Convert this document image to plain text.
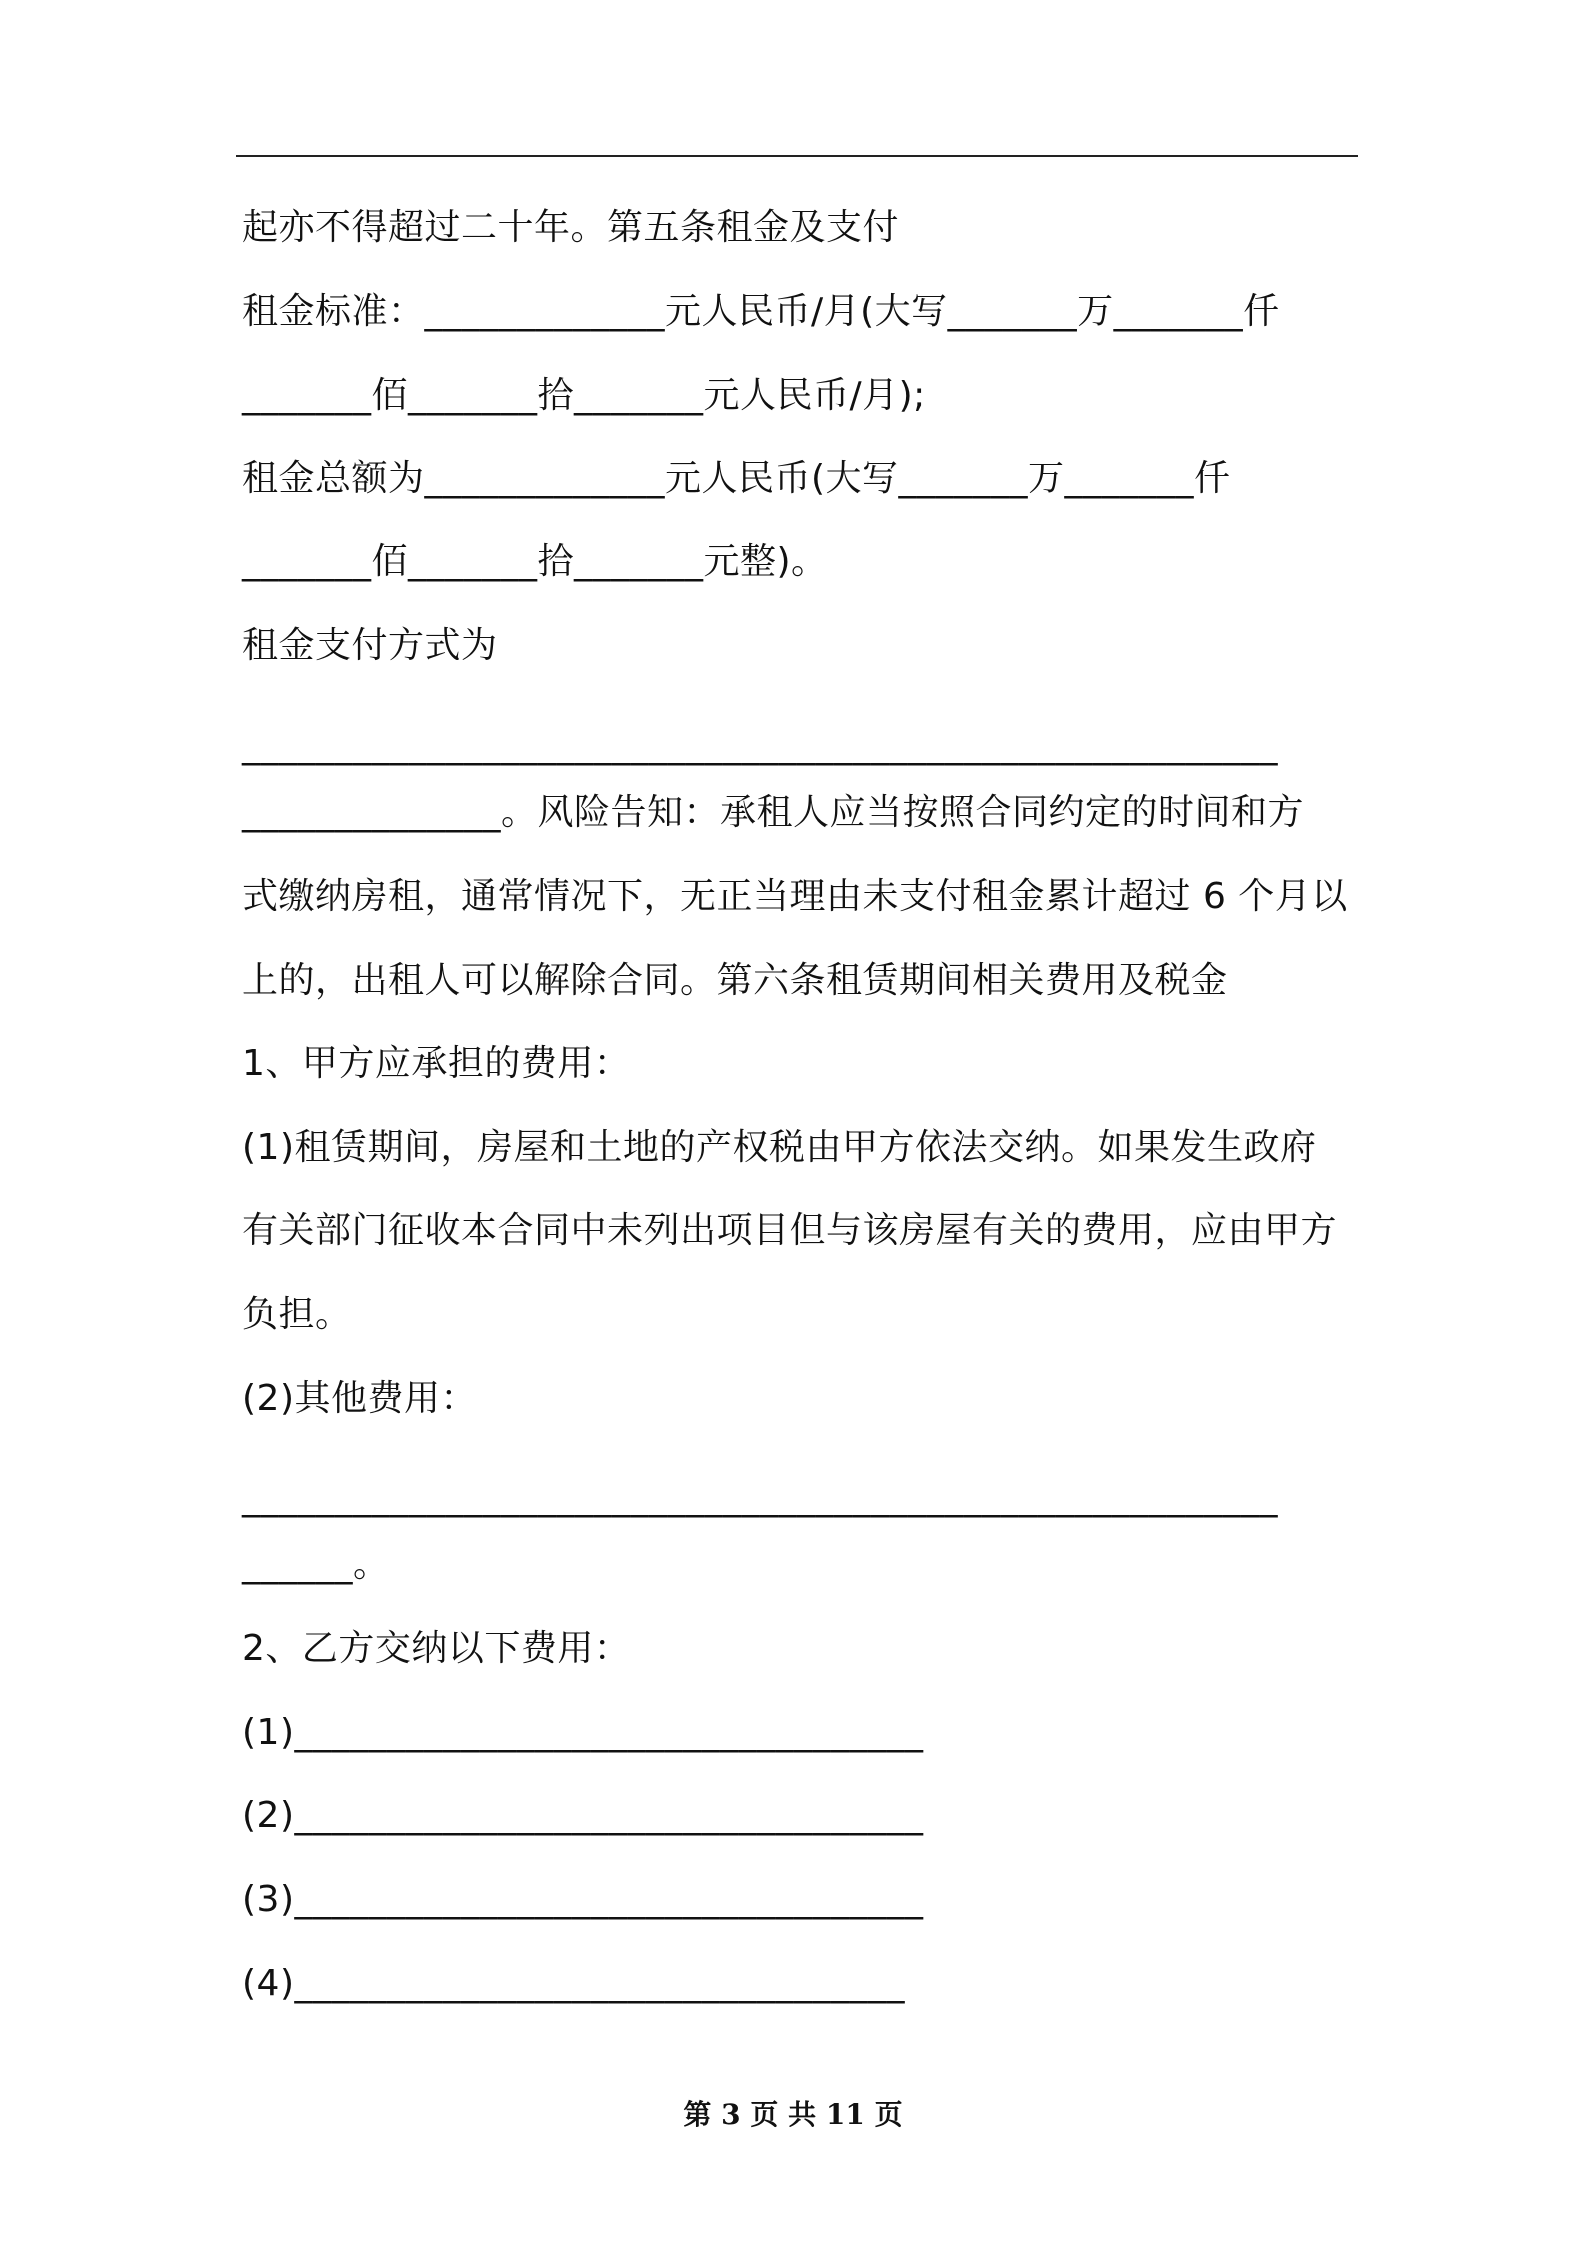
起亦不得超过二十年。第五条租金及支付
租金标准：_____________元人民币/月(大写_______万_______仟
_______佰_______拾_______元人民币/月);
租金总额为_____________元人民币(大写_______万_______仟
_______佰_______拾_______元整)。
租金支付方式为
________________________________________________________
______________。风险告知：承租人应当按照合同约定的时间和方
式缴纳房租，通常情况下，无正当理由未支付租金累计超过 6 个月以
上的，出租人可以解除合同。第六条租赁期间相关费用及税金
1、甲方应承担的费用：
(1)租赁期间，房屋和土地的产权税由甲方依法交纳。如果发生政府
有关部门征收本合同中未列出项目但与该房屋有关的费用，应由甲方
负担。
(2)其他费用：
________________________________________________________
______。
2、乙方交纳以下费用：
(1)__________________________________
(2)__________________________________
(3)__________________________________
(4)_________________________________
第 3 页 共 11 页
